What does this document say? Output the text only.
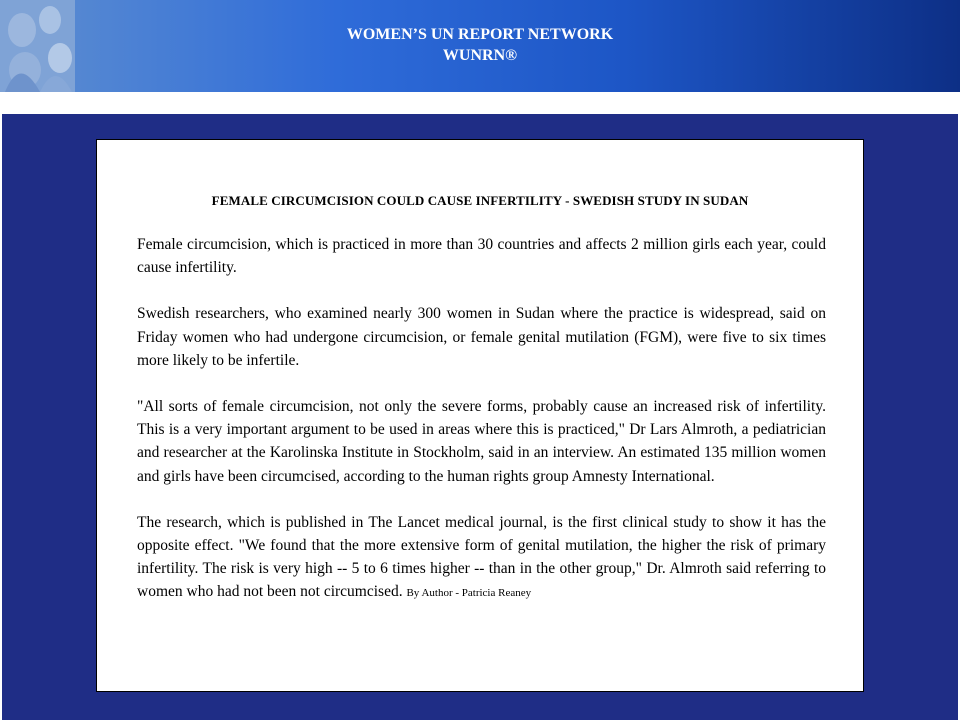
WOMEN’S UN REPORT NETWORK
WUNRN®
FEMALE CIRCUMCISION COULD CAUSE INFERTILITY - SWEDISH STUDY IN SUDAN

Female circumcision, which is practiced in more than 30 countries and affects 2 million girls each year, could cause infertility.

Swedish researchers, who examined nearly 300 women in Sudan where the practice is widespread, said on Friday women who had undergone circumcision, or female genital mutilation (FGM), were five to six times more likely to be infertile.

"All sorts of female circumcision, not only the severe forms, probably cause an increased risk of infertility. This is a very important argument to be used in areas where this is practiced," Dr Lars Almroth, a pediatrician and researcher at the Karolinska Institute in Stockholm, said in an interview. An estimated 135 million women and girls have been circumcised, according to the human rights group Amnesty International.

The research, which is published in The Lancet medical journal, is the first clinical study to show it has the opposite effect. "We found that the more extensive form of genital mutilation, the higher the risk of primary infertility. The risk is very high -- 5 to 6 times higher -- than in the other group," Dr. Almroth said referring to women who had not been not circumcised. By Author - Patricia Reaney
